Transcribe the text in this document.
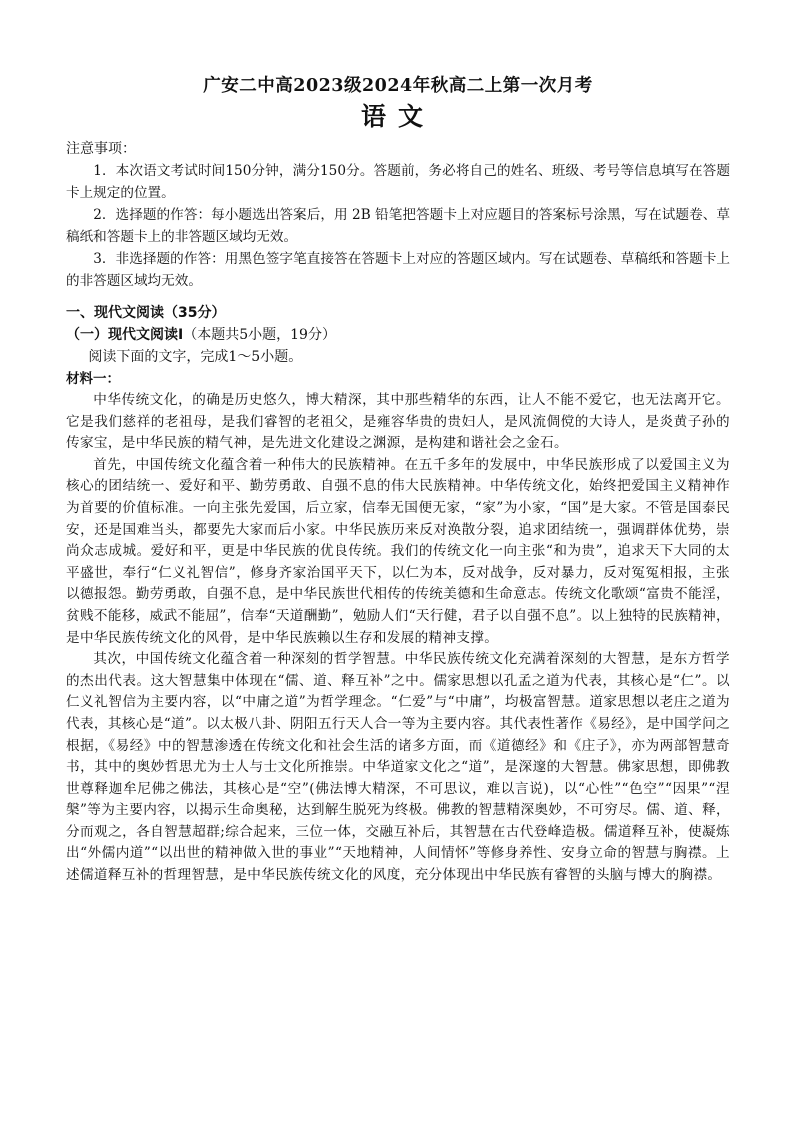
广安二中高2023级2024年秋高二上第一次月考
语文

注意事项：

1．本次语文考试时间150分钟，满分150分。答题前，务必将自己的姓名、班级、考号等信息填写在答题卡上规定的位置。

2．选择题的作答：每小题选出答案后，用 2B 铅笔把答题卡上对应题目的答案标号涂黑，写在试题卷、草稿纸和答题卡上的非答题区域均无效。

3．非选择题的作答：用黑色签字笔直接答在答题卡上对应的答题区域内。写在试题卷、草稿纸和答题卡上的非答题区域均无效。

一、现代文阅读（35分）

（一）现代文阅读Ⅰ（本题共5小题，19分）

阅读下面的文字，完成1～5小题。

材料一：

中华传统文化，的确是历史悠久，博大精深，其中那些精华的东西，让人不能不爱它，也无法离开它。它是我们慈祥的老祖母，是我们睿智的老祖父，是雍容华贵的贵妇人，是风流倜傥的大诗人，是炎黄子孙的传家宝，是中华民族的精气神，是先进文化建设之渊源，是构建和谐社会之金石。

首先，中国传统文化蕴含着一种伟大的民族精神。在五千多年的发展中，中华民族形成了以爱国主义为核心的团结统一、爱好和平、勤劳勇敢、自强不息的伟大民族精神。中华传统文化，始终把爱国主义精神作为首要的价值标准。一向主张先爱国，后立家，信奉无国便无家，“家”为小家，“国”是大家。不管是国泰民安，还是国难当头，都要先大家而后小家。中华民族历来反对涣散分裂，追求团结统一，强调群体优势，崇尚众志成城。爱好和平，更是中华民族的优良传统。我们的传统文化一向主张“和为贵”，追求天下大同的太平盛世，奉行“仁义礼智信”，修身齐家治国平天下，以仁为本，反对战争，反对暴力，反对冤冤相报，主张以德报怨。勤劳勇敢，自强不息，是中华民族世代相传的传统美德和生命意志。传统文化歌颂“富贵不能淫，贫贱不能移，威武不能屈”，信奉“天道酬勤”，勉励人们“天行健，君子以自强不息”。以上独特的民族精神，是中华民族传统文化的风骨，是中华民族赖以生存和发展的精神支撑。

其次，中国传统文化蕴含着一种深刻的哲学智慧。中华民族传统文化充满着深刻的大智慧，是东方哲学的杰出代表。这大智慧集中体现在“儒、道、释互补”之中。儒家思想以孔孟之道为代表，其核心是“仁”。以仁义礼智信为主要内容，以“中庸之道”为哲学理念。“仁爱”与“中庸”，均极富智慧。道家思想以老庄之道为代表，其核心是“道”。以太极八卦、阴阳五行天人合一等为主要内容。其代表性著作《易经》，是中国学问之根据，《易经》中的智慧渗透在传统文化和社会生活的诸多方面，而《道德经》和《庄子》，亦为两部智慧奇书，其中的奥妙哲思尤为士人与士文化所推崇。中华道家文化之“道”，是深邃的大智慧。佛家思想，即佛教世尊释迦牟尼佛之佛法，其核心是“空”(佛法博大精深，不可思议，难以言说)，以“心性”“色空”“因果”“涅槃”等为主要内容，以揭示生命奥秘，达到解生脱死为终极。佛教的智慧精深奥妙，不可穷尽。儒、道、释，分而观之，各自智慧超群;综合起来，三位一体，交融互补后，其智慧在古代登峰造极。儒道释互补，使凝炼出“外儒内道”“以出世的精神做入世的事业”“天地精神，人间情怀”等修身养性、安身立命的智慧与胸襟。上述儒道释互补的哲理智慧，是中华民族传统文化的风度，充分体现出中华民族有睿智的头脑与博大的胸襟。
